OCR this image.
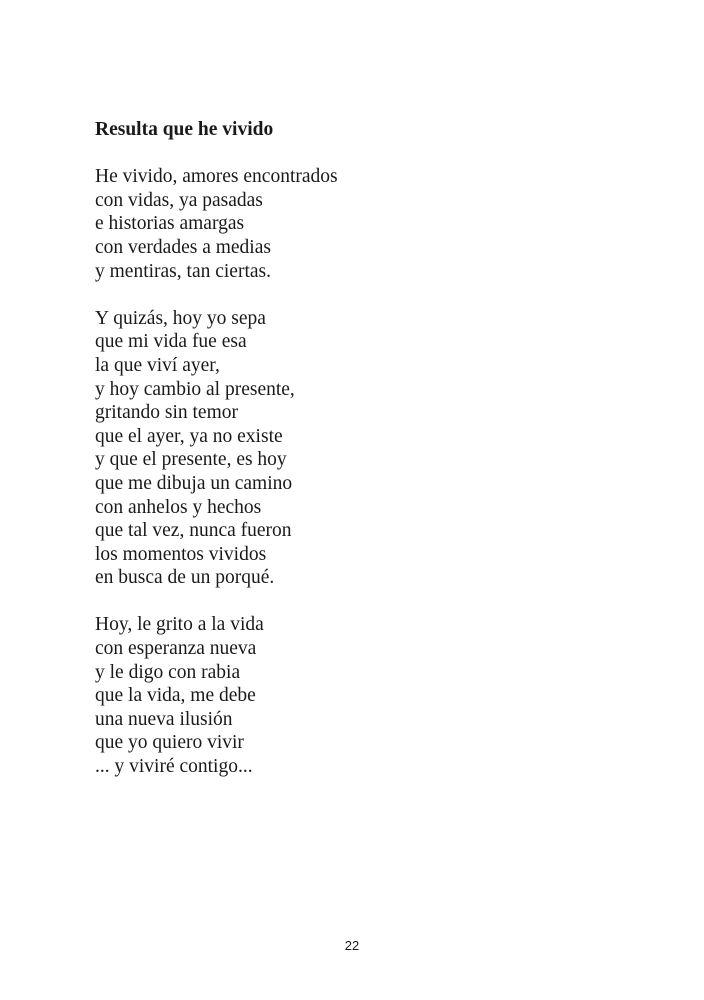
Resulta que he vivido
He vivido, amores encontrados
con vidas, ya pasadas
e historias amargas
con verdades a medias
y mentiras, tan ciertas.
Y quizás, hoy yo sepa
que mi vida fue esa
la que viví ayer,
y hoy cambio al presente,
gritando sin temor
que el ayer, ya no existe
y que el presente, es hoy
que me dibuja un camino
con anhelos y hechos
que tal vez, nunca fueron
los momentos vividos
en busca de un porqué.
Hoy, le grito a la vida
con esperanza nueva
y le digo con rabia
que la vida, me debe
una nueva ilusión
que yo quiero vivir
... y viviré contigo...
22
